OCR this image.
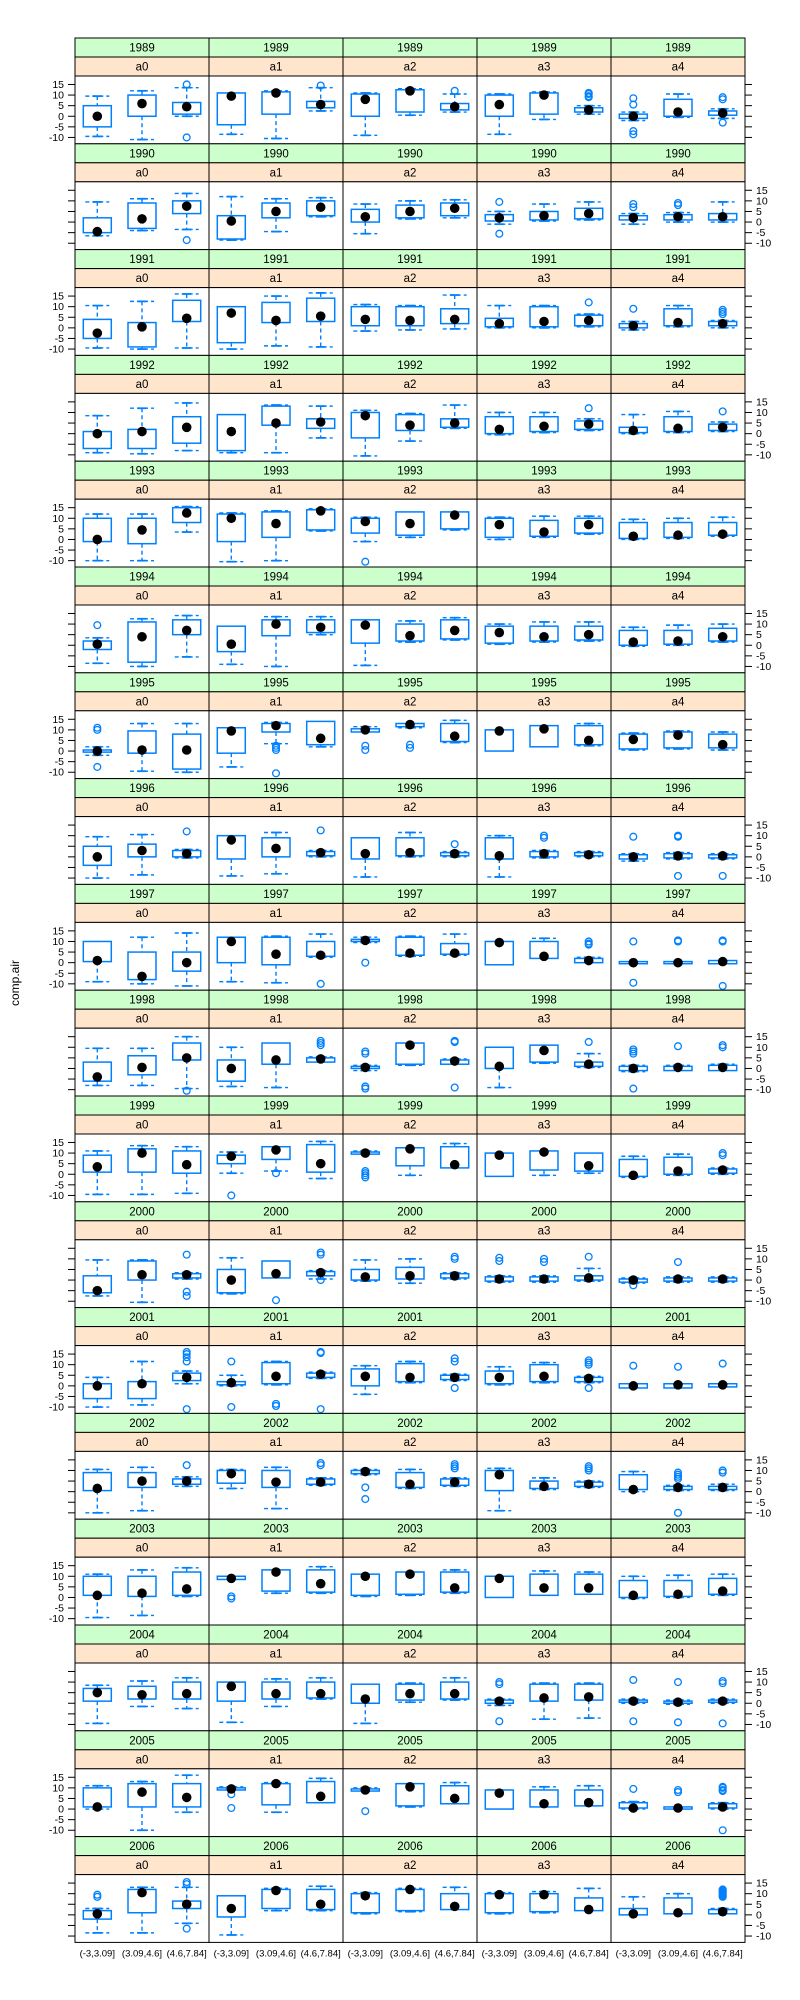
comp.air
1989
a0
1989
a1
1989
a2
1989
a3
1989
a4
15
10
5
0
-5
-10
1990
a0
1990
a1
1990
a2
1990
a3
1990
a4
15
10
5
0
-5
-10
1991
a0
1991
a1
1991
a2
1991
a3
1991
a4
15
10
5
0
-5
-10
1992
a0
1992
a1
1992
a2
1992
a3
1992
a4
15
10
5
0
-5
-10
1993
a0
1993
a1
1993
a2
1993
a3
1993
a4
15
10
5
0
-5
-10
1994
a0
1994
a1
1994
a2
1994
a3
1994
a4
15
10
5
0
-5
-10
1995
a0
1995
a1
1995
a2
1995
a3
1995
a4
15
10
5
0
-5
-10
1996
a0
1996
a1
1996
a2
1996
a3
1996
a4
15
10
5
0
-5
-10
1997
a0
1997
a1
1997
a2
1997
a3
1997
a4
15
10
5
0
-5
-10
1998
a0
1998
a1
1998
a2
1998
a3
1998
a4
15
10
5
0
-5
-10
1999
a0
1999
a1
1999
a2
1999
a3
1999
a4
15
10
5
0
-5
-10
2000
a0
2000
a1
2000
a2
2000
a3
2000
a4
15
10
5
0
-5
-10
2001
a0
2001
a1
2001
a2
2001
a3
2001
a4
15
10
5
0
-5
-10
2002
a0
2002
a1
2002
a2
2002
a3
2002
a4
15
10
5
0
-5
-10
2003
a0
2003
a1
2003
a2
2003
a3
2003
a4
15
10
5
0
-5
-10
2004
a0
2004
a1
2004
a2
2004
a3
2004
a4
15
10
5
0
-5
-10
2005
a0
2005
a1
2005
a2
2005
a3
2005
a4
15
10
5
0
-5
-10
2006
a0
2006
a1
2006
a2
2006
a3
2006
a4
15
10
5
0
-5
-10
(-3,3.09] (3.09,4.6] (4.6,7.84] (-3,3.09] (3.09,4.6] (4.6,7.84] (-3,3.09] (3.09,4.6] (4.6,7.84] (-3,3.09] (3.09,4.6] (4.6,7.84] (-3,3.09] (3.09,4.6] (4.6,7.84]
